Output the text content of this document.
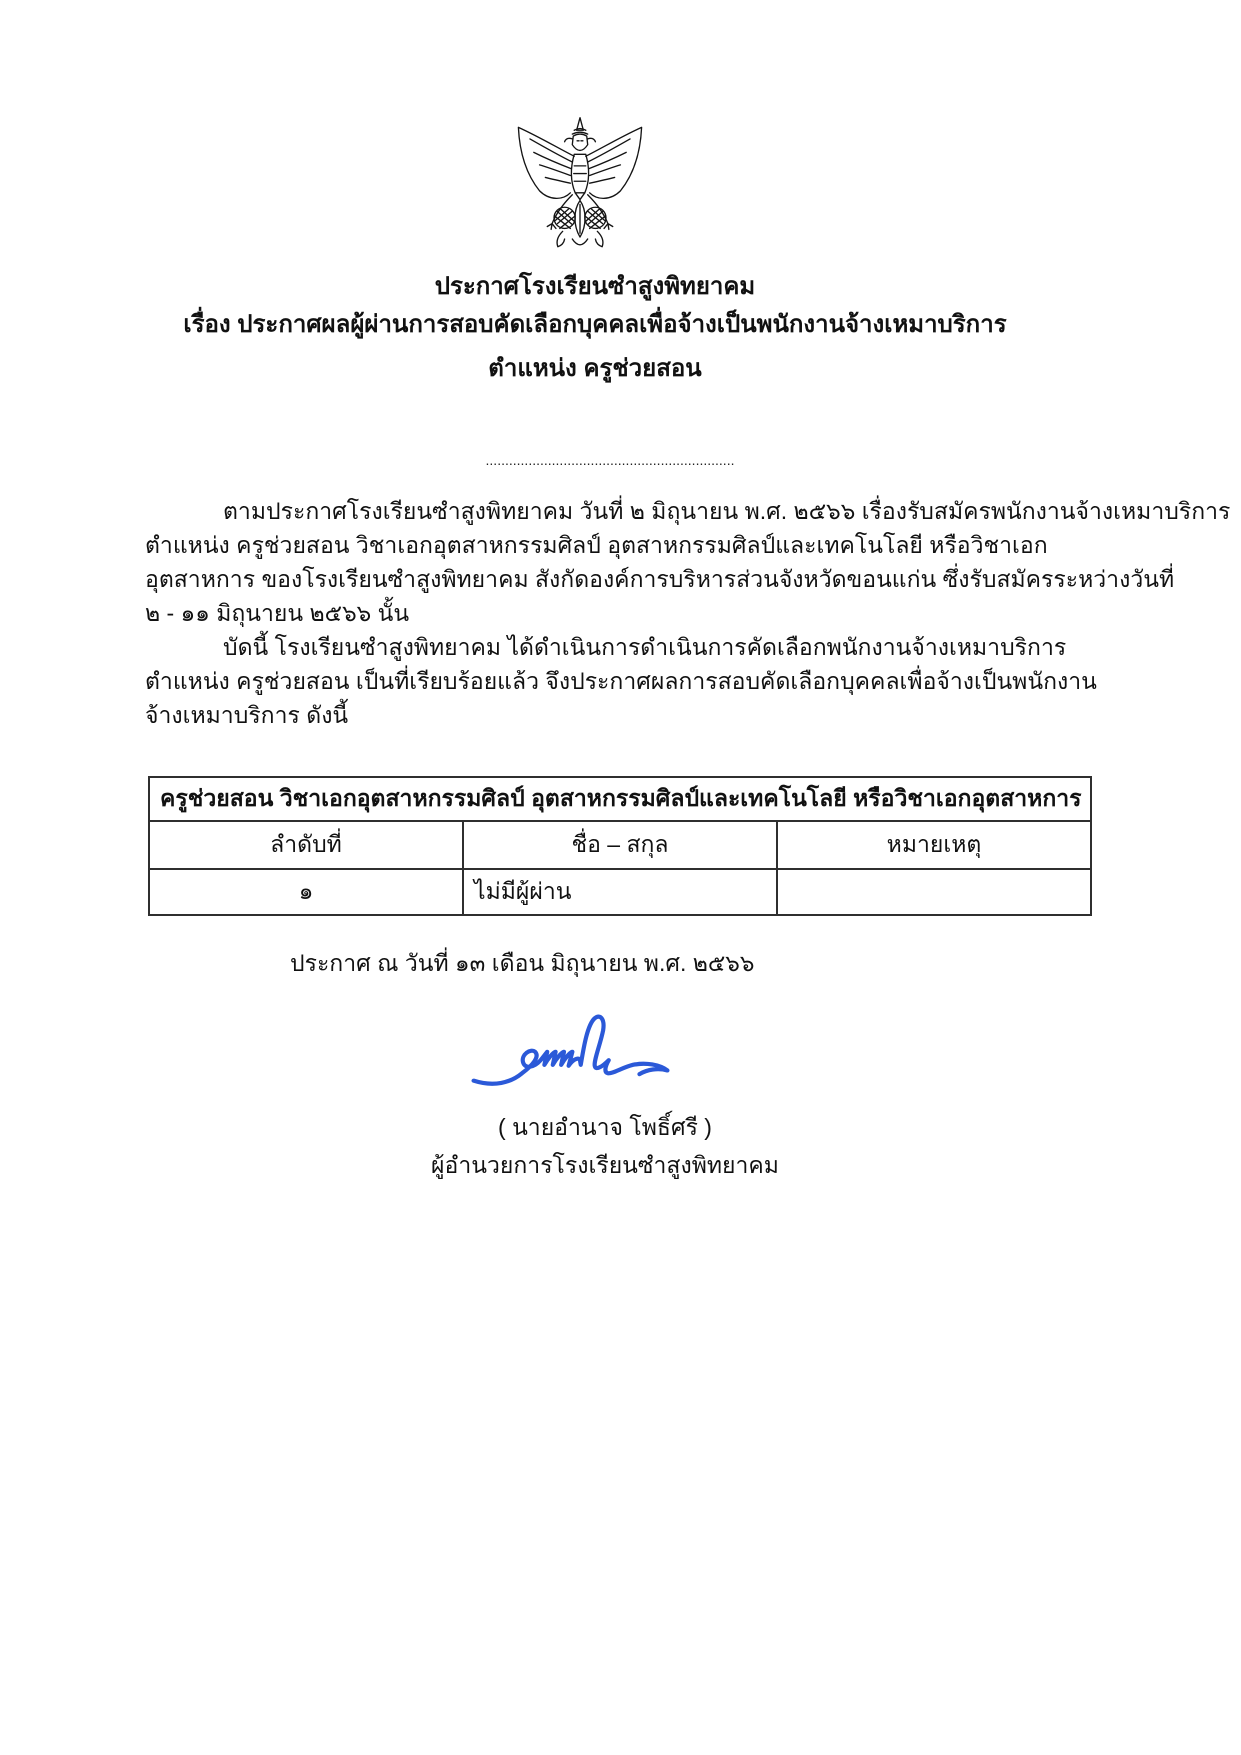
ประกาศโรงเรียนซำสูงพิทยาคม
เรื่อง ประกาศผลผู้ผ่านการสอบคัดเลือกบุคคลเพื่อจ้างเป็นพนักงานจ้างเหมาบริการ
ตำแหน่ง ครูช่วยสอน
................................................................
ตามประกาศโรงเรียนซำสูงพิทยาคม วันที่ ๒ มิถุนายน พ.ศ. ๒๕๖๖ เรื่องรับสมัครพนักงานจ้างเหมาบริการ
ตำแหน่ง ครูช่วยสอน วิชาเอกอุตสาหกรรมศิลป์ อุตสาหกรรมศิลป์และเทคโนโลยี หรือวิชาเอก
อุตสาหการ ของโรงเรียนซำสูงพิทยาคม สังกัดองค์การบริหารส่วนจังหวัดขอนแก่น ซึ่งรับสมัครระหว่างวันที่
๒ - ๑๑ มิถุนายน ๒๕๖๖ นั้น
บัดนี้ โรงเรียนซำสูงพิทยาคม ได้ดำเนินการดำเนินการคัดเลือกพนักงานจ้างเหมาบริการ
ตำแหน่ง ครูช่วยสอน เป็นที่เรียบร้อยแล้ว จึงประกาศผลการสอบคัดเลือกบุคคลเพื่อจ้างเป็นพนักงาน
จ้างเหมาบริการ ดังนี้
ครูช่วยสอน วิชาเอกอุตสาหกรรมศิลป์ อุตสาหกรรมศิลป์และเทคโนโลยี หรือวิชาเอกอุตสาหการ		
ลำดับที่	ชื่อ – สกุล	หมายเหตุ
๑	ไม่มีผู้ผ่าน	
ประกาศ ณ วันที่ ๑๓ เดือน มิถุนายน พ.ศ. ๒๕๖๖
( นายอำนาจ โพธิ์ศรี )
ผู้อำนวยการโรงเรียนซำสูงพิทยาคม
